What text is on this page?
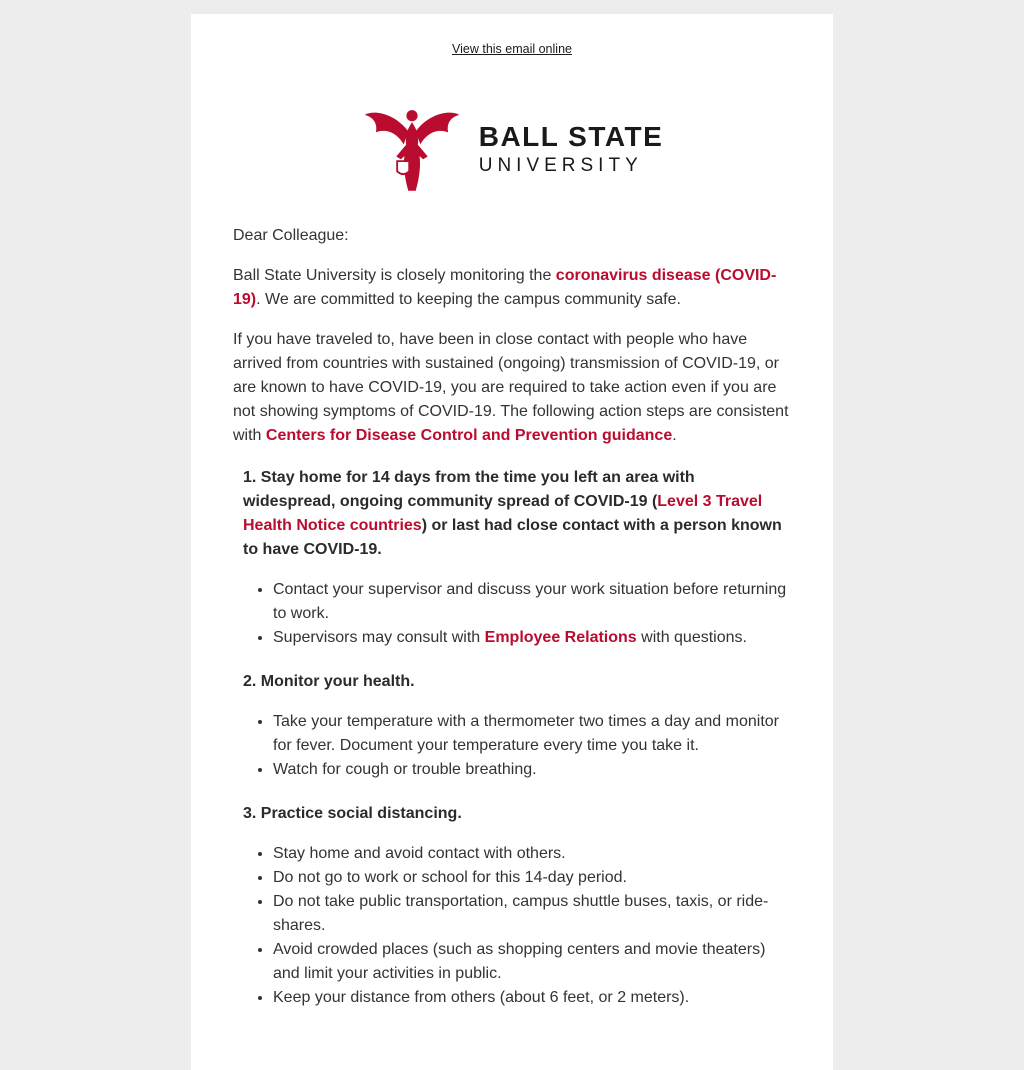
View this email online
BALL STATE
UNIVERSITY

Dear Colleague:

Ball State University is closely monitoring the coronavirus disease (COVID-19). We are committed to keeping the campus community safe.

If you have traveled to, have been in close contact with people who have arrived from countries with sustained (ongoing) transmission of COVID-19, or are known to have COVID-19, you are required to take action even if you are not showing symptoms of COVID-19. The following action steps are consistent with Centers for Disease Control and Prevention guidance.

1. Stay home for 14 days from the time you left an area with widespread, ongoing community spread of COVID-19 (Level 3 Travel Health Notice countries) or last had close contact with a person known to have COVID-19.
• Contact your supervisor and discuss your work situation before returning to work.
• Supervisors may consult with Employee Relations with questions.
2. Monitor your health.
• Take your temperature with a thermometer two times a day and monitor for fever. Document your temperature every time you take it.
• Watch for cough or trouble breathing.
3. Practice social distancing.
• Stay home and avoid contact with others.
• Do not go to work or school for this 14-day period.
• Do not take public transportation, campus shuttle buses, taxis, or ride-shares.
• Avoid crowded places (such as shopping centers and movie theaters) and limit your activities in public.
• Keep your distance from others (about 6 feet, or 2 meters).
